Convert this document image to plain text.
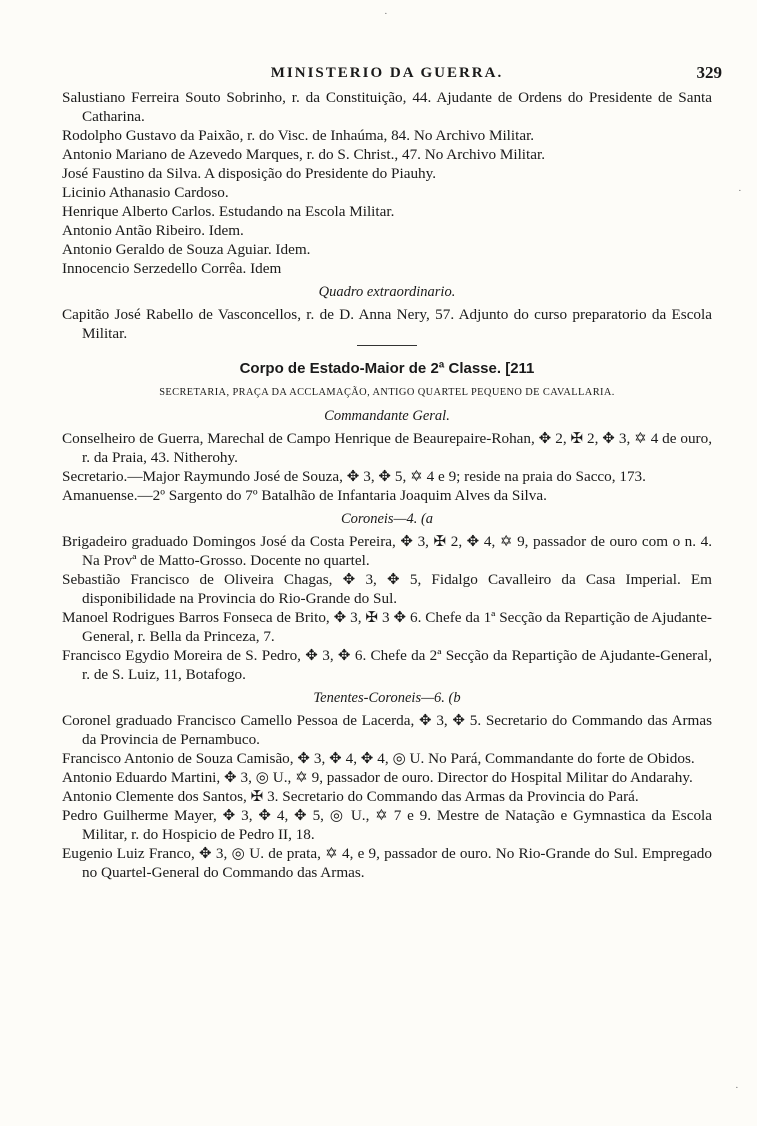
MINISTERIO DA GUERRA.	329
Salustiano Ferreira Souto Sobrinho, r. da Constituição, 44. Ajudante de Ordens do Presidente de Santa Catharina.
Rodolpho Gustavo da Paixão, r. do Visc. de Inhaúma, 84. No Archivo Militar.
Antonio Mariano de Azevedo Marques, r. do S. Christ., 47. No Archivo Militar.
José Faustino da Silva. A disposição do Presidente do Piauhy.
Licinio Athanasio Cardoso.
Henrique Alberto Carlos. Estudando na Escola Militar.
Antonio Antão Ribeiro. Idem.
Antonio Geraldo de Souza Aguiar. Idem.
Innocencio Serzedello Corrêa. Idem
Quadro extraordinario.
Capitão José Rabello de Vasconcellos, r. de D. Anna Nery, 57. Adjunto do curso preparatorio da Escola Militar.
Corpo de Estado-Maior de 2ª Classe. [211
SECRETARIA, PRAÇA DA ACCLAMAÇÃO, ANTIGO QUARTEL PEQUENO DE CAVALLARIA.
Commandante Geral.
Conselheiro de Guerra, Marechal de Campo Henrique de Beaurepaire-Rohan, ✥ 2, ✠ 2, ✥ 3, ✡ 4 de ouro, r. da Praia, 43. Nitherohy.
Secretario.—Major Raymundo José de Souza, ✥ 3, ✥ 5, ✡ 4 e 9; reside na praia do Sacco, 173.
Amanuense.—2º Sargento do 7º Batalhão de Infantaria Joaquim Alves da Silva.
Coroneis—4. (a
Brigadeiro graduado Domingos José da Costa Pereira, ✥ 3, ✠ 2, ✥ 4, ✡ 9, passador de ouro com o n. 4. Na Provª de Matto-Grosso. Docente no quartel.
Sebastião Francisco de Oliveira Chagas, ✥ 3, ✥ 5, Fidalgo Cavalleiro da Casa Imperial. Em disponibilidade na Provincia do Rio-Grande do Sul.
Manoel Rodrigues Barros Fonseca de Brito, ✥ 3, ✠ 3 ✥ 6. Chefe da 1ª Secção da Repartição de Ajudante-General, r. Bella da Princeza, 7.
Francisco Egydio Moreira de S. Pedro, ✥ 3, ✥ 6. Chefe da 2ª Secção da Repartição de Ajudante-General, r. de S. Luiz, 11, Botafogo.
Tenentes-Coroneis—6. (b
Coronel graduado Francisco Camello Pessoa de Lacerda, ✥ 3, ✥ 5. Secretario do Commando das Armas da Provincia de Pernambuco.
Francisco Antonio de Souza Camisão, ✥ 3, ✥ 4, ✥ 4, ◎ U. No Pará, Commandante do forte de Obidos.
Antonio Eduardo Martini, ✥ 3, ◎ U., ✡ 9, passador de ouro. Director do Hospital Militar do Andarahy.
Antonio Clemente dos Santos, ✠ 3. Secretario do Commando das Armas da Provincia do Pará.
Pedro Guilherme Mayer, ✥ 3, ✥ 4, ✥ 5, ◎ U., ✡ 7 e 9. Mestre de Natação e Gymnastica da Escola Militar, r. do Hospicio de Pedro II, 18.
Eugenio Luiz Franco, ✥ 3, ◎ U. de prata, ✡ 4, e 9, passador de ouro. No Rio-Grande do Sul. Empregado no Quartel-General do Commando das Armas.
·
·
·
